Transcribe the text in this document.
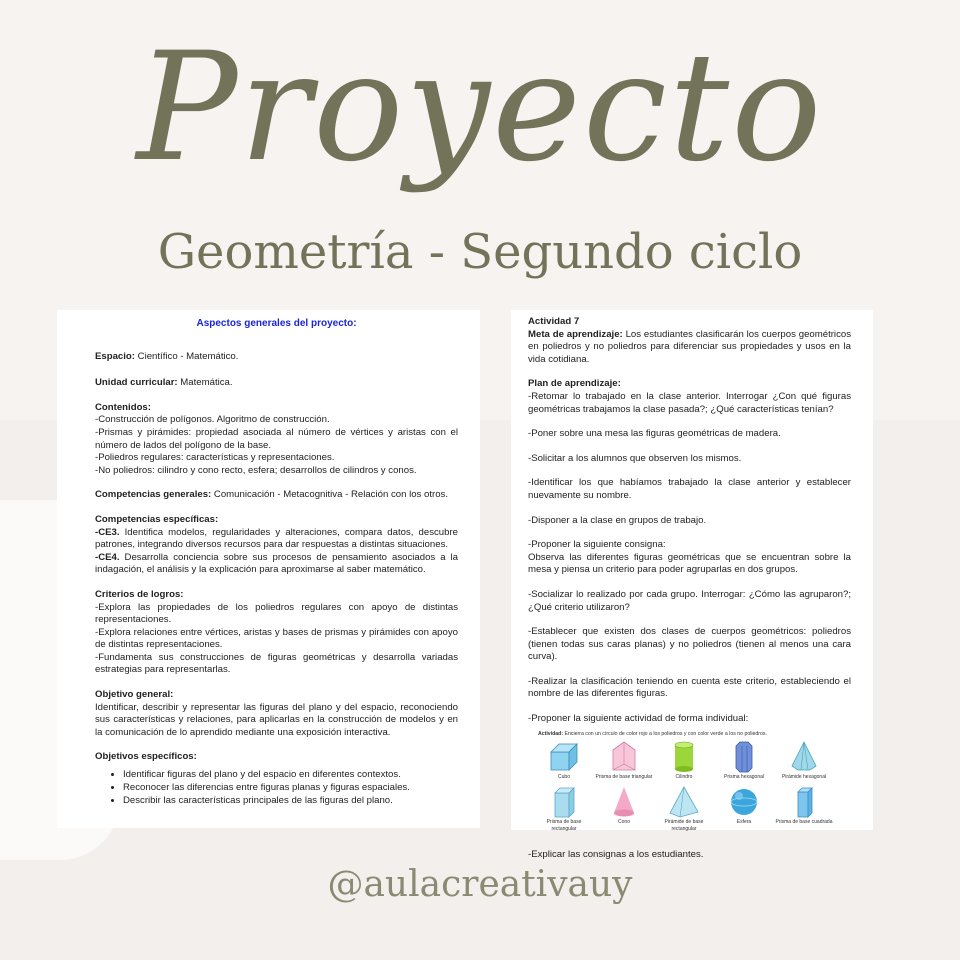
Proyecto
Geometría - Segundo ciclo

Aspectos generales del proyecto:

Espacio: Científico - Matemático.

Unidad curricular: Matemática.

Contenidos:

-Construcción de polígonos. Algoritmo de construcción.

-Prismas y pirámides: propiedad asociada al número de vértices y aristas con el número de lados del polígono de la base.

-Poliedros regulares: características y representaciones.

-No poliedros: cilindro y cono recto, esfera; desarrollos de cilindros y conos.

Competencias generales: Comunicación - Metacognitiva - Relación con los otros.

Competencias específicas:

-CE3. Identifica modelos, regularidades y alteraciones, compara datos, descubre patrones, integrando diversos recursos para dar respuestas a distintas situaciones.

-CE4. Desarrolla conciencia sobre sus procesos de pensamiento asociados a la indagación, el análisis y la explicación para aproximarse al saber matemático.

Criterios de logros:

-Explora las propiedades de los poliedros regulares con apoyo de distintas representaciones.

-Explora relaciones entre vértices, aristas y bases de prismas y pirámides con apoyo de distintas representaciones.

-Fundamenta sus construcciones de figuras geométricas y desarrolla variadas estrategias para representarlas.

Objetivo general:

Identificar, describir y representar las figuras del plano y del espacio, reconociendo sus características y relaciones, para aplicarlas en la construcción de modelos y en la comunicación de lo aprendido mediante una exposición interactiva.

Objetivos específicos:

• Identificar figuras del plano y del espacio en diferentes contextos.
• Reconocer las diferencias entre figuras planas y figuras espaciales.
• Describir las características principales de las figuras del plano.

Actividad 7

Meta de aprendizaje: Los estudiantes clasificarán los cuerpos geométricos en poliedros y no poliedros para diferenciar sus propiedades y usos en la vida cotidiana.

Plan de aprendizaje:

-Retomar lo trabajado en la clase anterior. Interrogar ¿Con qué figuras geométricas trabajamos la clase pasada?; ¿Qué características tenían?

-Poner sobre una mesa las figuras geométricas de madera.

-Solicitar a los alumnos que observen los mismos.

-Identificar los que habíamos trabajado la clase anterior y establecer nuevamente su nombre.

-Disponer a la clase en grupos de trabajo.

-Proponer la siguiente consigna:

Observa las diferentes figuras geométricas que se encuentran sobre la mesa y piensa un criterio para poder agruparlas en dos grupos.

-Socializar lo realizado por cada grupo. Interrogar: ¿Cómo las agruparon?; ¿Qué criterio utilizaron?

-Establecer que existen dos clases de cuerpos geométricos: poliedros (tienen todas sus caras planas) y no poliedros (tienen al menos una cara curva).

-Realizar la clasificación teniendo en cuenta este criterio, estableciendo el nombre de las diferentes figuras.

-Proponer la siguiente actividad de forma individual:

Actividad: Encierra con un círculo de color rojo a los poliedros y con color verde a los no poliedros.

Cubo	Prisma de base triangular	Cilindro	Prisma hexagonal	Pirámide hexagonal
Prisma de base rectangular
Cono	Pirámide de base rectangular
Esfera	Prisma de base cuadrada

-Explicar las consignas a los estudiantes.

@aulacreativauy
